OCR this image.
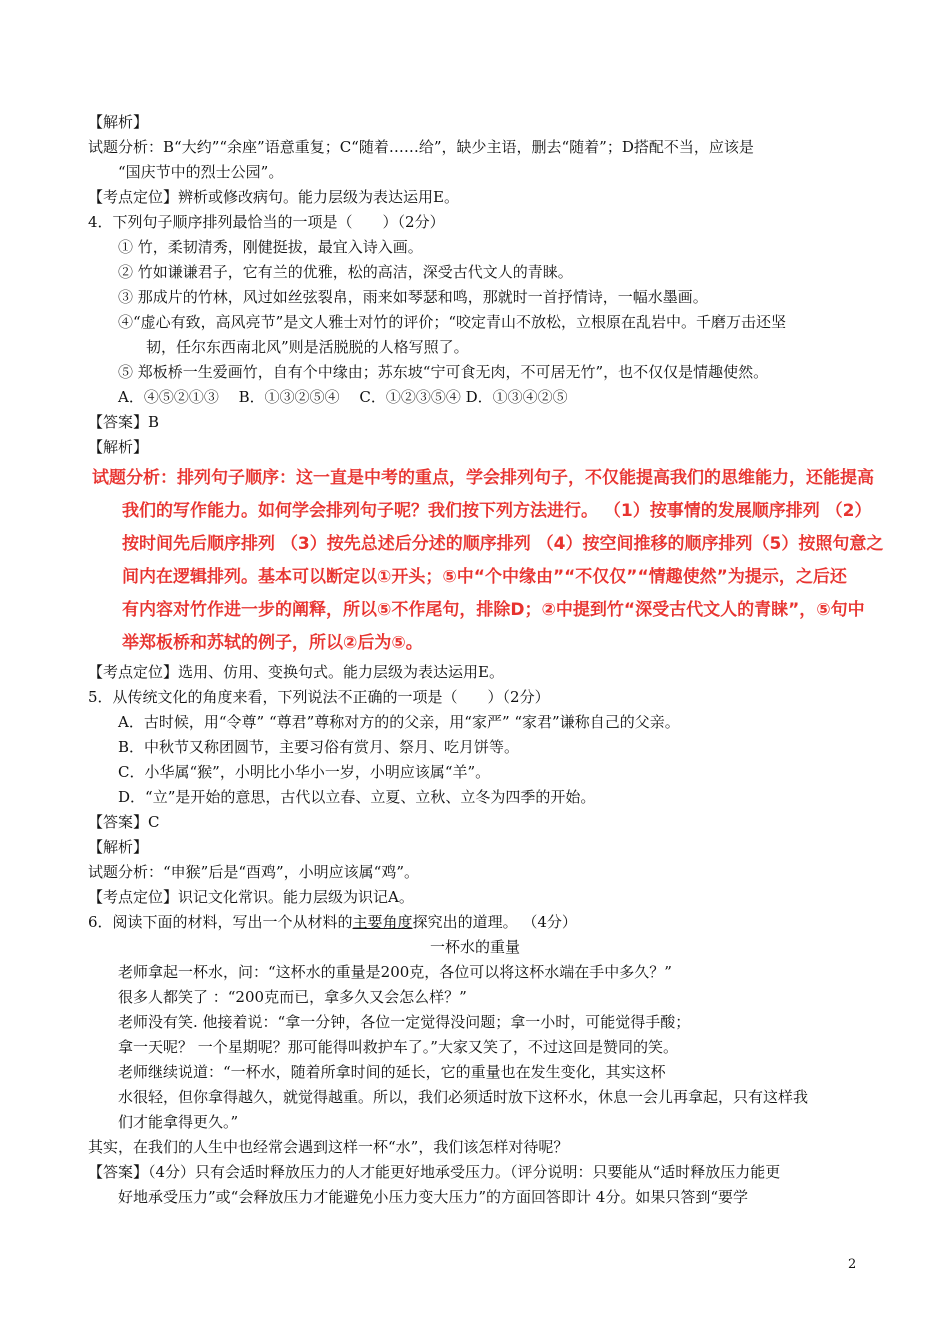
【解析】
试题分析：B“大约”“余座”语意重复；C“随着……给”，缺少主语，删去“随着”；D搭配不当，应该是
“国庆节中的烈士公园”。
【考点定位】辨析或修改病句。能力层级为表达运用E。
4．下列句子顺序排列最恰当的一项是（　　）（2分）
① 竹，柔韧清秀，刚健挺拔，最宜入诗入画。
② 竹如谦谦君子，它有兰的优雅，松的高洁，深受古代文人的青睐。
③ 那成片的竹林，风过如丝弦裂帛，雨来如琴瑟和鸣，那就时一首抒情诗，一幅水墨画。
④“虚心有致，高风亮节”是文人雅士对竹的评价；“咬定青山不放松，立根原在乱岩中。千磨万击还坚
韧，任尔东西南北风”则是活脱脱的人格写照了。
⑤ 郑板桥一生爱画竹，自有个中缘由；苏东坡“宁可食无肉，不可居无竹”，也不仅仅是情趣使然。
A．④⑤②①③　 B．①③②⑤④　 C．①②③⑤④ D．①③④②⑤
【答案】B
【解析】
试题分析：排列句子顺序：这一直是中考的重点，学会排列句子，不仅能提高我们的思维能力，还能提高
我们的写作能力。如何学会排列句子呢？我们按下列方法进行。 （1）按事情的发展顺序排列 （2）
按时间先后顺序排列 （3）按先总述后分述的顺序排列 （4）按空间推移的顺序排列（5）按照句意之
间内在逻辑排列。基本可以断定以①开头；⑤中“个中缘由”“不仅仅”“情趣使然”为提示，之后还
有内容对竹作进一步的阐释，所以⑤不作尾句，排除D；②中提到竹“深受古代文人的青睐”，⑤句中
举郑板桥和苏轼的例子，所以②后为⑤。
【考点定位】选用、仿用、变换句式。能力层级为表达运用E。
5．从传统文化的角度来看，下列说法不正确的一项是（　　）（2分）
A．古时候，用“令尊” “尊君”尊称对方的的父亲，用“家严” “家君”谦称自己的父亲。
B．中秋节又称团圆节，主要习俗有赏月、祭月、吃月饼等。
C．小华属“猴”，小明比小华小一岁，小明应该属“羊”。
D．“立”是开始的意思，古代以立春、立夏、立秋、立冬为四季的开始。
【答案】C
【解析】
试题分析：“申猴”后是“酉鸡”，小明应该属“鸡”。
【考点定位】识记文化常识。能力层级为识记A。
6．阅读下面的材料，写出一个从材料的主要角度探究出的道理。 （4分）
一杯水的重量
老师拿起一杯水，问：“这杯水的重量是200克，各位可以将这杯水端在手中多久？”
很多人都笑了 ：“200克而已，拿多久又会怎么样？”
老师没有笑. 他接着说：“拿一分钟，各位一定觉得没问题；拿一小时，可能觉得手酸；
拿一天呢？ 一个星期呢？那可能得叫救护车了。”大家又笑了，不过这回是赞同的笑。
老师继续说道：“一杯水，随着所拿时间的延长，它的重量也在发生变化，其实这杯
水很轻，但你拿得越久，就觉得越重。所以，我们必须适时放下这杯水，休息一会儿再拿起，只有这样我
们才能拿得更久。”
其实，在我们的人生中也经常会遇到这样一杯“水”，我们该怎样对待呢？
【答案】（4分）只有会适时释放压力的人才能更好地承受压力。（评分说明：只要能从“适时释放压力能更
好地承受压力”或“会释放压力才能避免小压力变大压力”的方面回答即计 4分。如果只答到“要学
2
